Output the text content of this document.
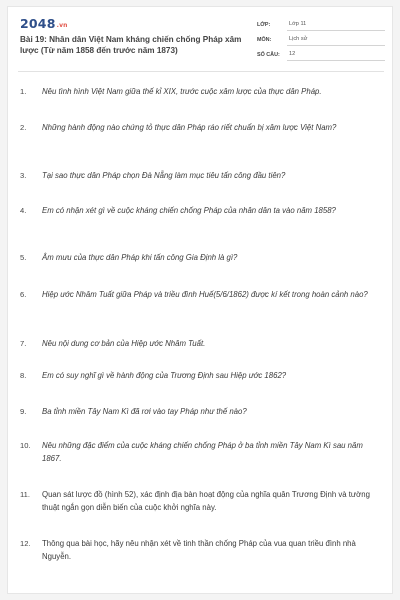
2048.vn
Bài 19: Nhân dân Việt Nam kháng chiến chống Pháp xâm lược (Từ năm 1858 đến trước năm 1873)
LỚP:	Lớp 11
MÔN:	Lịch sử
SỐ CÂU:	12
1.	Nêu tình hình Việt Nam giữa thế kỉ XIX, trước cuộc xâm lược của thực dân Pháp.
2.	Những hành động nào chứng tỏ thực dân Pháp ráo riết chuẩn bị xâm lược Việt Nam?
3.	Tại sao thực dân Pháp chọn Đà Nẵng làm mục tiêu tấn công đầu tiên?
4.	Em có nhận xét gì về cuộc kháng chiến chống Pháp của nhân dân ta vào năm 1858?
5.	Âm mưu của thực dân Pháp khi tấn công Gia Định là gì?
6.	Hiệp ước Nhâm Tuất giữa Pháp và triều đình Huế(5/6/1862) được kí kết trong hoàn cảnh nào?
7.	Nêu nội dung cơ bản của Hiệp ước Nhâm Tuất.
8.	Em có suy nghĩ gì về hành động của Trương Định sau Hiệp ước 1862?
9.	Ba tỉnh miền Tây Nam Kì đã rơi vào tay Pháp như thế nào?
10.	Nêu những đặc điểm của cuộc kháng chiến chống Pháp ở ba tỉnh miền Tây Nam Kì sau năm 1867.
11.	Quan sát lược đồ (hình 52), xác định địa bàn hoạt động của nghĩa quân Trương Định và tường thuật ngắn gọn diễn biến của cuộc khởi nghĩa này.
12.	Thông qua bài học, hãy nêu nhận xét về tinh thần chống Pháp của vua quan triều đình nhà Nguyễn.
